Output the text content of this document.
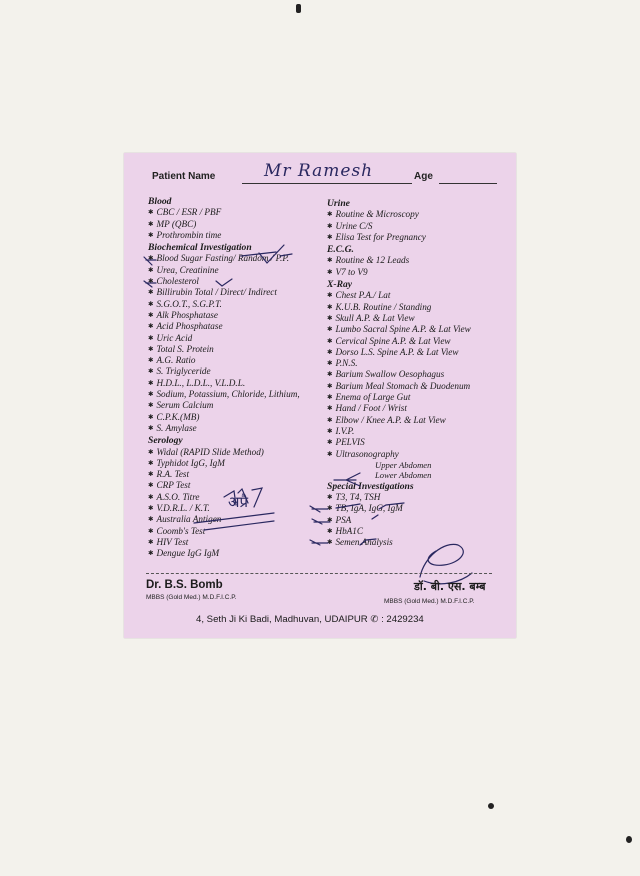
Patient Name	Mr Ramesh	Age
Blood
✱ CBC / ESR / PBF
✱ MP (QBC)
✱ Prothrombin time
Biochemical Investigation
✱ Blood Sugar Fasting/ Random / P.P.
✱ Urea, Creatinine
✱ Cholesterol
✱ Billirubin Total / Direct/ Indirect
✱ S.G.O.T., S.G.P.T.
✱ Alk Phosphatase
✱ Acid Phosphatase
✱ Uric Acid
✱ Total S. Protein
✱ A.G. Ratio
✱ S. Triglyceride
✱ H.D.L., L.D.L., V.L.D.L.
✱ Sodium, Potassium, Chloride, Lithium,
✱ Serum Calcium
✱ C.P.K.(MB)
✱ S. Amylase
Serology
✱ Widal (RAPID Slide Method)
✱ Typhidot IgG, IgM
✱ R.A. Test
✱ CRP Test
✱ A.S.O. Titre
✱ V.D.R.L. / K.T.
✱ Australia Antigen
✱ Coomb's Test
✱ HIV Test
✱ Dengue IgG IgM
Urine
✱ Routine & Microscopy
✱ Urine C/S
✱ Elisa Test for Pregnancy
E.C.G.
✱ Routine & 12 Leads
✱ V7 to V9
X-Ray
✱ Chest P.A./ Lat
✱ K.U.B. Routine / Standing
✱ Skull A.P. & Lat View
✱ Lumbo Sacral Spine A.P. & Lat View
✱ Cervical Spine A.P. & Lat View
✱ Dorso L.S. Spine A.P. & Lat View
✱ P.N.S.
✱ Barium Swallow Oesophagus
✱ Barium Meal Stomach & Duodenum
✱ Enema of Large Gut
✱ Hand / Foot / Wrist
✱ Elbow / Knee A.P. & Lat View
✱ I.V.P.
✱ PELVIS
✱ Ultrasonography
Upper Abdomen
Lower Abdomen
Special Investigations
✱ T3, T4, TSH
✱ TB, IgA, IgG, IgM
✱ PSA
✱ HbA1C
✱ Semen Analysis
अप्रै
Dr. B.S. Bomb
MBBS (Gold Med.) M.D.F.I.C.P.
डॉ. बी. एस. बम्ब
MBBS (Gold Med.) M.D.F.I.C.P.
4, Seth Ji Ki Badi, Madhuvan, UDAIPUR ✆ : 2429234
